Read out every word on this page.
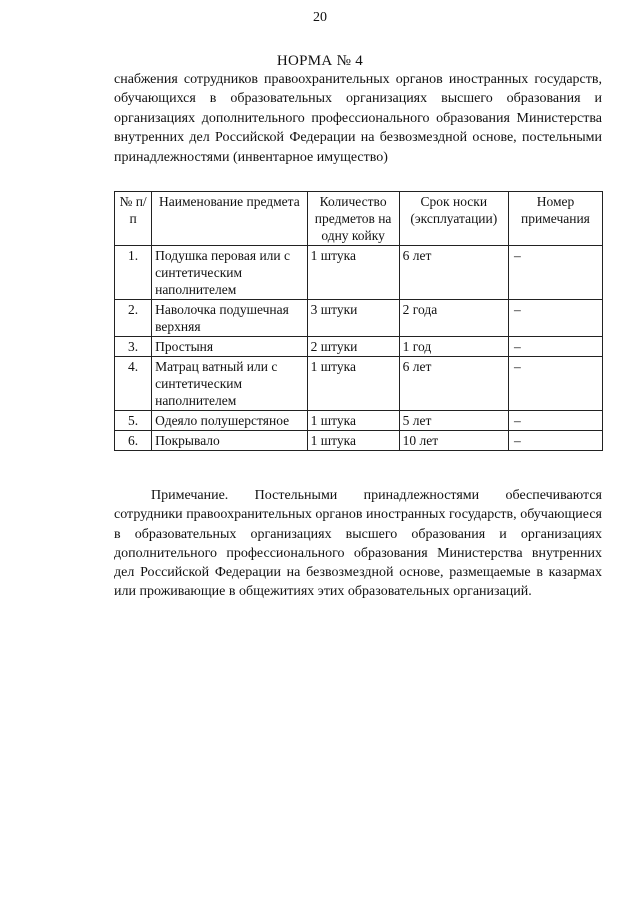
20
НОРМА № 4
снабжения сотрудников правоохранительных органов иностранных государств, обучающихся в образовательных организациях высшего образования и организациях дополнительного профессионального образования Министерства внутренних дел Российской Федерации на безвозмездной основе, постельными принадлежностями (инвентарное имущество)
№ п/п	Наименование предмета	Количество предметов на одну койку	Срок носки (эксплуатации)	Номер примечания
1.	Подушка перовая или с синтетическим наполнителем	1 штука	6 лет	–
2.	Наволочка подушечная верхняя	3 штуки	2 года	–
3.	Простыня	2 штуки	1 год	–
4.	Матрац ватный или с синтетическим наполнителем	1 штука	6 лет	–
5.	Одеяло полушерстяное	1 штука	5 лет	–
6.	Покрывало	1 штука	10 лет	–
Примечание. Постельными принадлежностями обеспечиваются сотрудники правоохранительных органов иностранных государств, обучающиеся в образовательных организациях высшего образования и организациях дополнительного профессионального образования Министерства внутренних дел Российской Федерации на безвозмездной основе, размещаемые в казармах или проживающие в общежитиях этих образовательных организаций.
